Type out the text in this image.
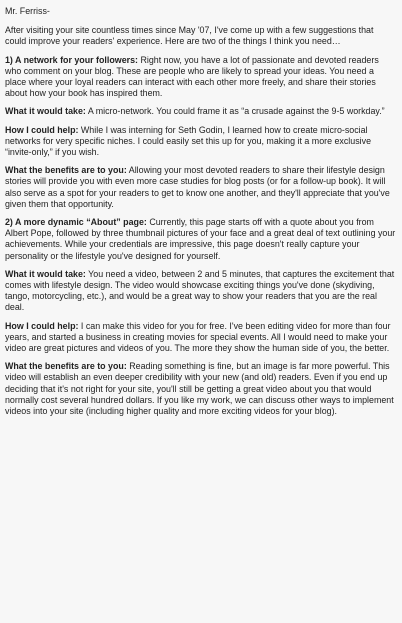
Mr. Ferriss-

After visiting your site countless times since May '07, I've come up with a few suggestions that could improve your readers' experience. Here are two of the things I think you need…

1) A network for your followers: Right now, you have a lot of passionate and devoted readers who comment on your blog. These are people who are likely to spread your ideas. You need a place where your loyal readers can interact with each other more freely, and share their stories about how your book has inspired them.

What it would take: A micro-network. You could frame it as “a crusade against the 9-5 workday.”

How I could help: While I was interning for Seth Godin, I learned how to create micro-social networks for very specific niches. I could easily set this up for you, making it a more exclusive “invite-only,” if you wish.

What the benefits are to you: Allowing your most devoted readers to share their lifestyle design stories will provide you with even more case studies for blog posts (or for a follow-up book). It will also serve as a spot for your readers to get to know one another, and they'll appreciate that you've given them that opportunity.

2) A more dynamic “About” page: Currently, this page starts off with a quote about you from Albert Pope, followed by three thumbnail pictures of your face and a great deal of text outlining your achievements. While your credentials are impressive, this page doesn't really capture your personality or the lifestyle you've designed for yourself.

What it would take: You need a video, between 2 and 5 minutes, that captures the excitement that comes with lifestyle design. The video would showcase exciting things you've done (skydiving, tango, motorcycling, etc.), and would be a great way to show your readers that you are the real deal.

How I could help: I can make this video for you for free. I've been editing video for more than four years, and started a business in creating movies for special events. All I would need to make your video are great pictures and videos of you. The more they show the human side of you, the better.

What the benefits are to you: Reading something is fine, but an image is far more powerful. This video will establish an even deeper credibility with your new (and old) readers. Even if you end up deciding that it's not right for your site, you'll still be getting a great video about you that would normally cost several hundred dollars. If you like my work, we can discuss other ways to implement videos into your site (including higher quality and more exciting videos for your blog).
